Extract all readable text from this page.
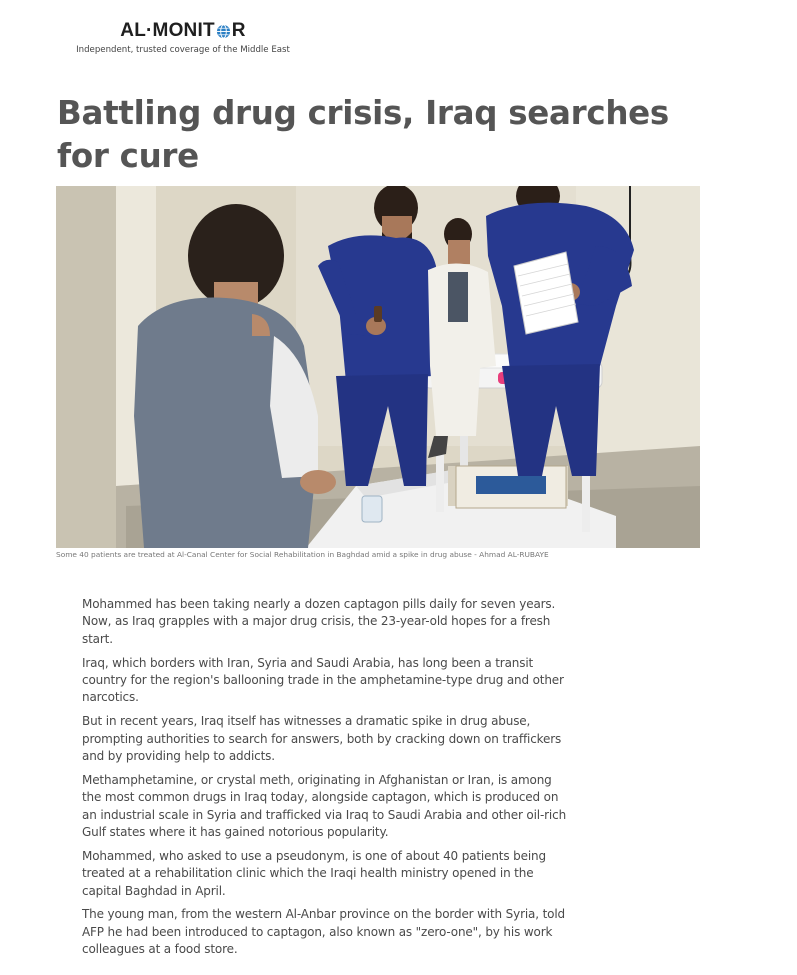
AL·MONIT R
Independent, trusted coverage of the Middle East
Battling drug crisis, Iraq searches for cure
Some 40 patients are treated at Al-Canal Center for Social Rehabilitation in Baghdad amid a spike in drug abuse - Ahmad AL-RUBAYE

Mohammed has been taking nearly a dozen captagon pills daily for seven years. Now, as Iraq grapples with a major drug crisis, the 23-year-old hopes for a fresh start.

Iraq, which borders with Iran, Syria and Saudi Arabia, has long been a transit country for the region's ballooning trade in the amphetamine-type drug and other narcotics.

But in recent years, Iraq itself has witnesses a dramatic spike in drug abuse, prompting authorities to search for answers, both by cracking down on traffickers and by providing help to addicts.

Methamphetamine, or crystal meth, originating in Afghanistan or Iran, is among the most common drugs in Iraq today, alongside captagon, which is produced on an industrial scale in Syria and trafficked via Iraq to Saudi Arabia and other oil-rich Gulf states where it has gained notorious popularity.

Mohammed, who asked to use a pseudonym, is one of about 40 patients being treated at a rehabilitation clinic which the Iraqi health ministry opened in the capital Baghdad in April.

The young man, from the western Al-Anbar province on the border with Syria, told AFP he had been introduced to captagon, also known as "zero-one", by his work colleagues at a food store.
